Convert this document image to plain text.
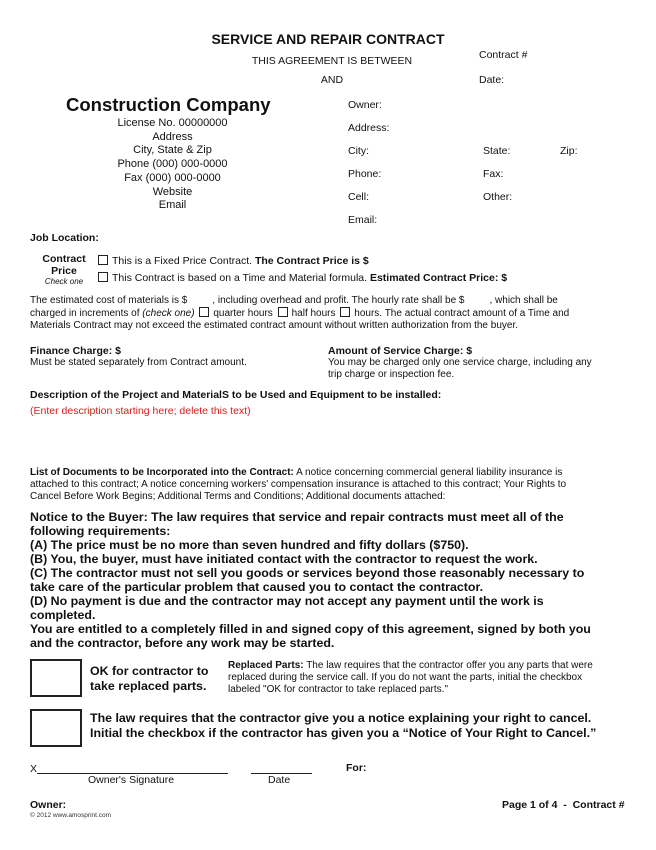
SERVICE AND REPAIR CONTRACT
THIS AGREEMENT IS BETWEEN
AND
Contract #
Date:
Construction Company
License No. 00000000
Address
City, State & Zip
Phone (000) 000-0000
Fax (000) 000-0000
Website
Email
Owner:
Address:
City:	State:	Zip:
Phone:	Fax:
Cell:	Other:
Email:
Job Location:
Contract
Price
Check one
This is a Fixed Price Contract. The Contract Price is $
This Contract is based on a Time and Material formula. Estimated Contract Price: $
The estimated cost of materials is $         , including overhead and profit. The hourly rate shall be $         , which shall be
charged in increments of (check one) quarter hours half hours hours. The actual contract amount of a Time and
Materials Contract may not exceed the estimated contract amount without written authorization from the buyer.
Finance Charge: $
Must be stated separately from Contract amount.
Amount of Service Charge: $
You may be charged only one service charge, including any
trip charge or inspection fee.
Description of the Project and MaterialS to be Used and Equipment to be installed:
(Enter description starting here; delete this text)
List of Documents to be Incorporated into the Contract: A notice concerning commercial general liability insurance is
attached to this contract; A notice concerning workers' compensation insurance is attached to this contract; Your Rights to
Cancel Before Work Begins; Additional Terms and Conditions; Additional documents attached:
Notice to the Buyer: The law requires that service and repair contracts must meet all of the
following requirements:
(A) The price must be no more than seven hundred and fifty dollars ($750).
(B) You, the buyer, must have initiated contact with the contractor to request the work.
(C) The contractor must not sell you goods or services beyond those reasonably necessary to
take care of the particular problem that caused you to contact the contractor.
(D) No payment is due and the contractor may not accept any payment until the work is
completed.
You are entitled to a completely filled in and signed copy of this agreement, signed by both you
and the contractor, before any work may be started.
OK for contractor to
take replaced parts.
Replaced Parts: The law requires that the contractor offer you any parts that were
replaced during the service call. If you do not want the parts, initial the checkbox
labeled "OK for contractor to take replaced parts."
The law requires that the contractor give you a notice explaining your right to cancel.
Initial the checkbox if the contractor has given you a “Notice of Your Right to Cancel.”
X
Owner's Signature	Date
For:
Owner:
© 2012 www.amosprint.com
Page 1 of 4  -  Contract #
